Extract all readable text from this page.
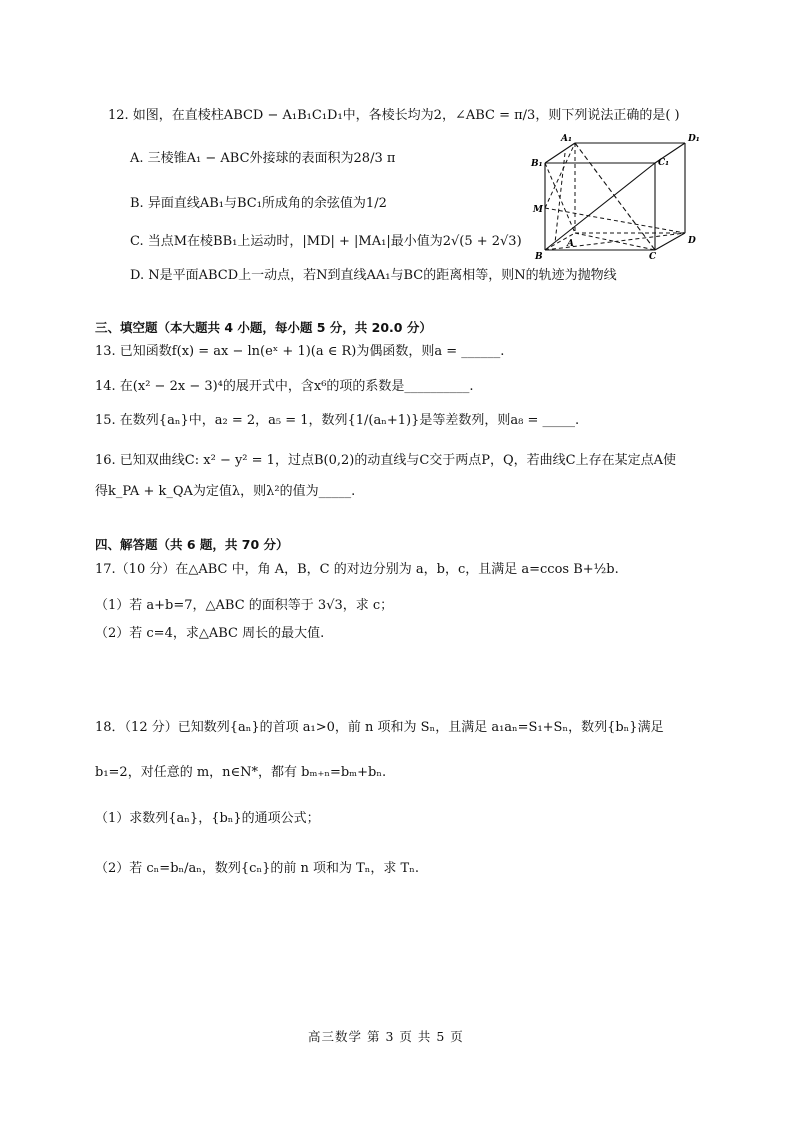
12. 如图，在直棱柱ABCD − A₁B₁C₁D₁中，各棱长均为2，∠ABC = π/3，则下列说法正确的是( )
A. 三棱锥A₁ − ABC外接球的表面积为28/3 π
B. 异面直线AB₁与BC₁所成角的余弦值为1/2
C. 当点M在棱BB₁上运动时，|MD| + |MA₁|最小值为2√(5 + 2√3)
D. N是平面ABCD上一动点，若N到直线AA₁与BC的距离相等，则N的轨迹为抛物线
A₁	D₁
B₁	C₁
M
A	D
B	C
三、填空题（本大题共 4 小题，每小题 5 分，共 20.0 分）
13. 已知函数f(x) = ax − ln(eˣ + 1)(a ∈ R)为偶函数，则a = ______.
14. 在(x² − 2x − 3)⁴的展开式中，含x⁶的项的系数是__________.
15. 在数列{aₙ}中，a₂ = 2，a₅ = 1，数列{1/(aₙ+1)}是等差数列，则a₈ = _____.
16. 已知双曲线C: x² − y² = 1，过点B(0,2)的动直线与C交于两点P，Q，若曲线C上存在某定点A使
得k_PA + k_QA为定值λ，则λ²的值为_____.
四、解答题（共 6 题，共 70 分）
17.（10 分）在△ABC 中，角 A，B，C 的对边分别为 a，b，c，且满足 a=ccos B+½b.
（1）若 a+b=7，△ABC 的面积等于 3√3，求 c；
（2）若 c=4，求△ABC 周长的最大值.
18．（12 分）已知数列{aₙ}的首项 a₁>0，前 n 项和为 Sₙ，且满足 a₁aₙ=S₁+Sₙ，数列{bₙ}满足
b₁=2，对任意的 m，n∈N*，都有 bₘ₊ₙ=bₘ+bₙ.
（1）求数列{aₙ}，{bₙ}的通项公式；
（2）若 cₙ=bₙ/aₙ，数列{cₙ}的前 n 项和为 Tₙ，求 Tₙ.
高三数学 第 3 页 共 5 页
